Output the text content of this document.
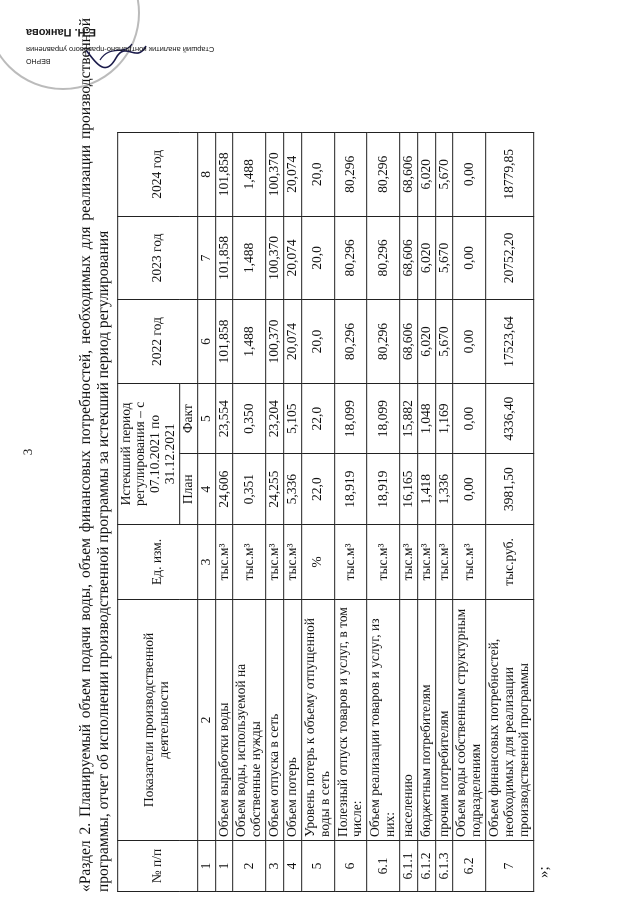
3	«Раздел 2. Планируемый объем подачи воды, объем финансовых потребностей, необходимых для реализации производственной программы, отчет об исполнении производственной программы за истекший период регулирования	№ п/п	Показатели производственной деятельности	Ед. изм.	Истекший период регулирования – с 07.10.2021 по 31.12.2021		2022 год	2023 год	2024 год
			План	Факт			
1	2	3	4	5	6	7	8
1	Объем выработки воды	тыс.м³	24,606	23,554	101,858	101,858	101,858
2	Объем воды, используемой на собственные нужды	тыс.м³	0,351	0,350	1,488	1,488	1,488
3	Объем отпуска в сеть	тыс.м³	24,255	23,204	100,370	100,370	100,370
4	Объем потерь	тыс.м³	5,336	5,105	20,074	20,074	20,074
5	Уровень потерь к объему отпущенной воды в сеть	%	22,0	22,0	20,0	20,0	20,0
6	Полезный отпуск товаров и услуг, в том числе:	тыс.м³	18,919	18,099	80,296	80,296	80,296
6.1	Объем реализации товаров и услуг, из них:	тыс.м³	18,919	18,099	80,296	80,296	80,296
6.1.1	населению	тыс.м³	16,165	15,882	68,606	68,606	68,606
6.1.2	бюджетным потребителям	тыс.м³	1,418	1,048	6,020	6,020	6,020
6.1.3	прочим потребителям	тыс.м³	1,336	1,169	5,670	5,670	5,670
6.2	Объем воды собственным структурным подразделениям	тыс.м³	0,00	0,00	0,00	0,00	0,00
7	Объем финансовых потребностей, необходимых для реализации производственной программы	тыс.руб.	3981,50	4336,40	17523,64	20752,20	18779,85
»;
ВЕРНО
Старший аналитик контрольно-правового управления
Е.Н. Панкова
